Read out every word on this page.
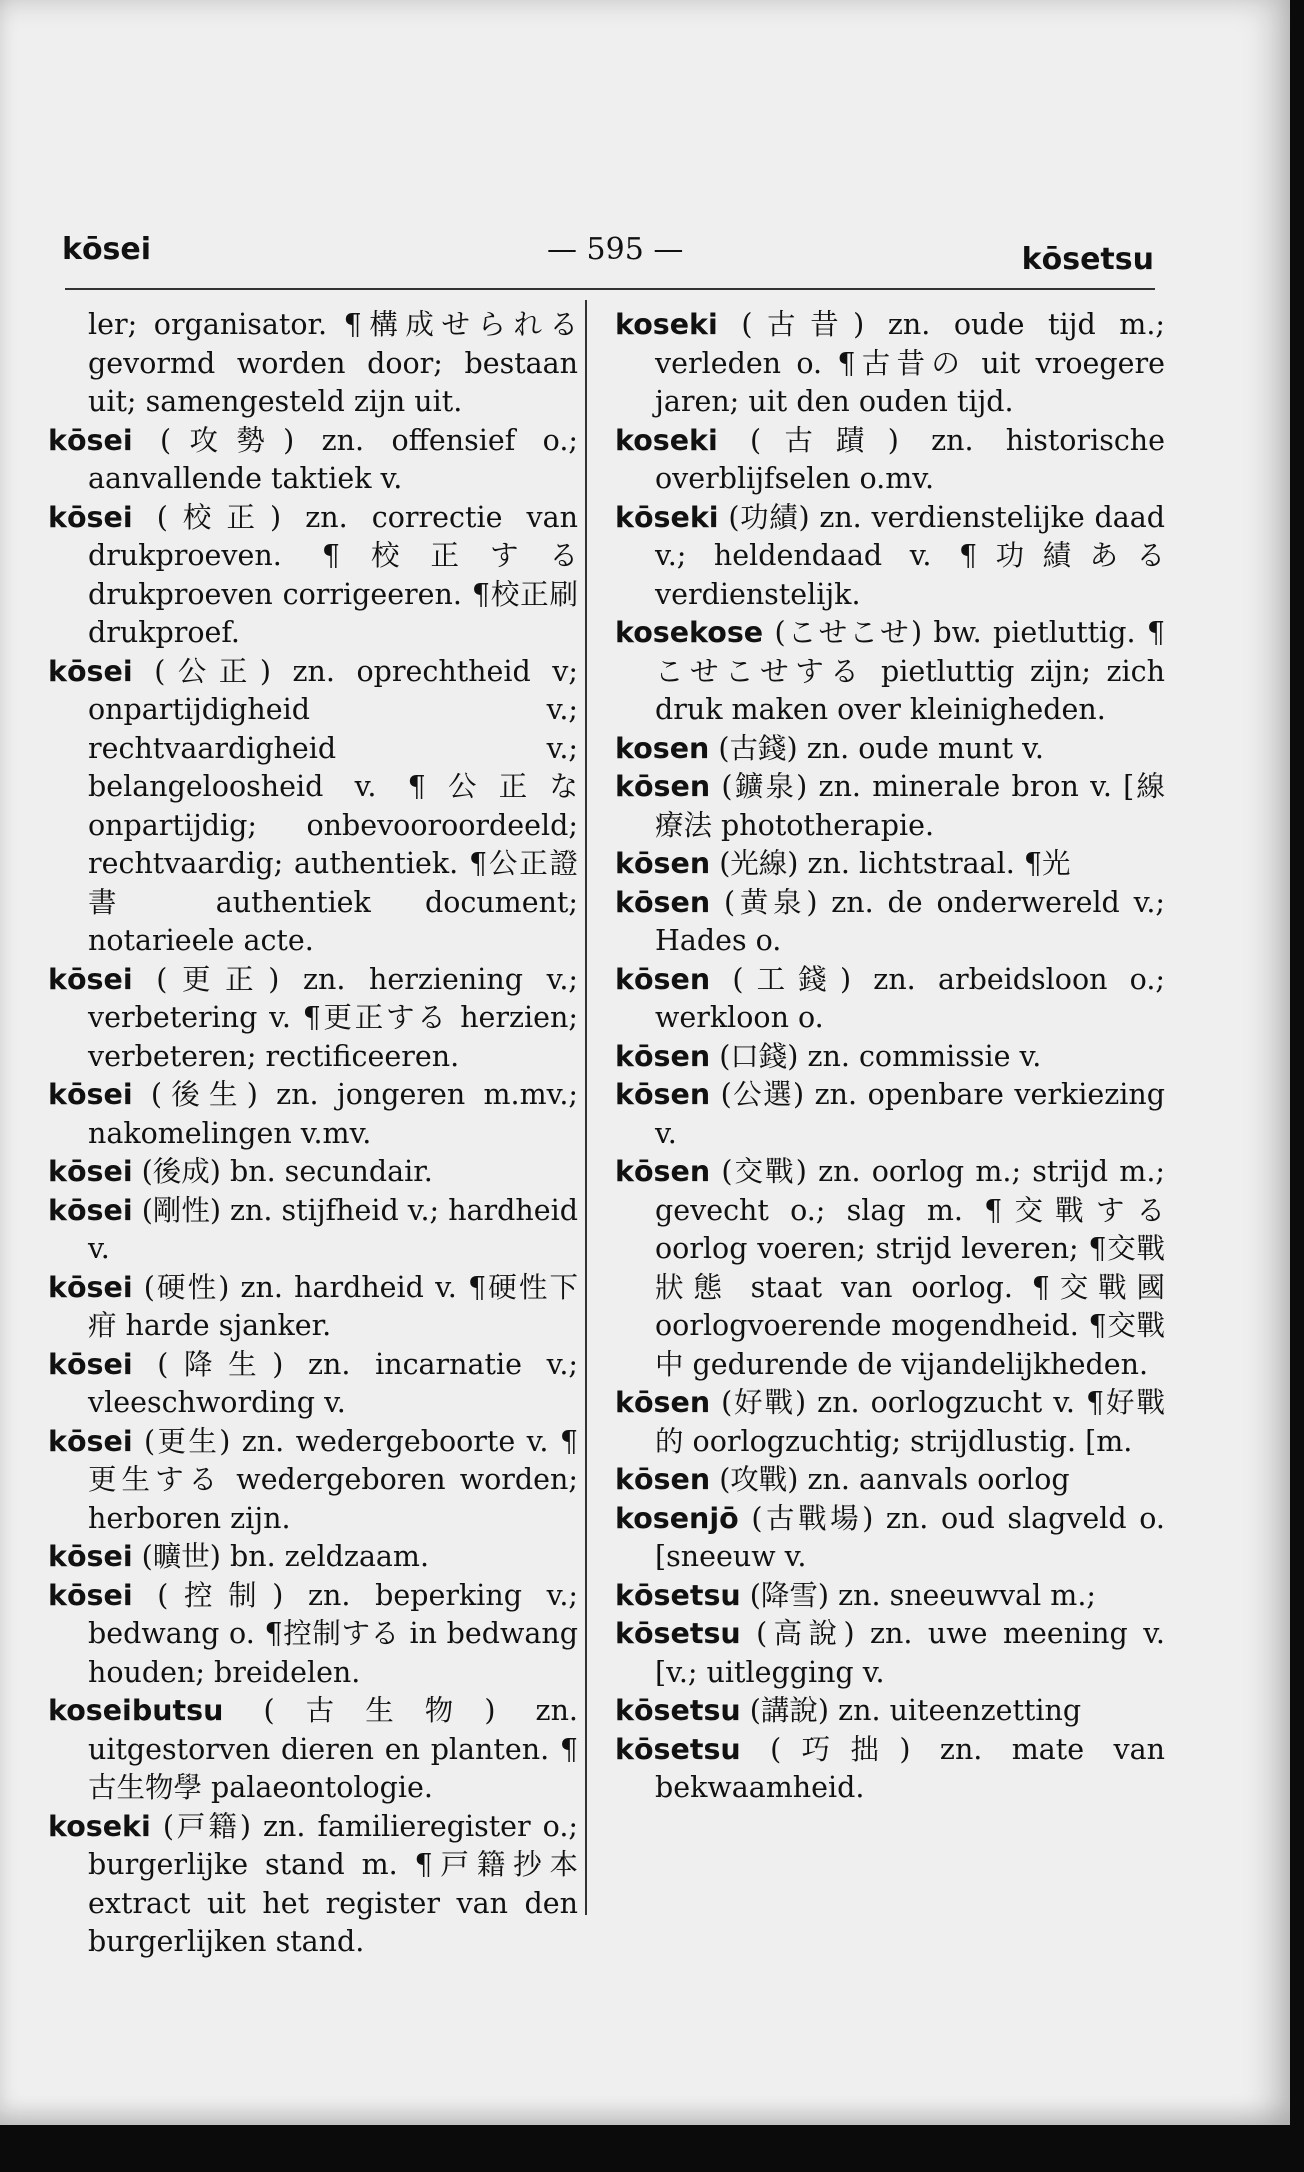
kōsei	— 595 —	kōsetsu

ler; organisator. ¶構成せられる gevormd worden door; bestaan uit; samengesteld zijn uit.

kōsei (攻勢) zn. offensief o.; aanvallende taktiek v.

kōsei (校正) zn. correctie van drukproeven. ¶校正する drukproeven corrigeeren. ¶校正刷 drukproef.

kōsei (公正) zn. oprechtheid v; onpartijdigheid v.; rechtvaardigheid v.; belangeloosheid v. ¶公正な onpartijdig; onbevooroordeeld; rechtvaardig; authentiek. ¶公正證書 authentiek document; notarieele acte.

kōsei (更正) zn. herziening v.; verbetering v. ¶更正する herzien; verbeteren; rectificeeren.

kōsei (後生) zn. jongeren m.mv.; nakomelingen v.mv.

kōsei (後成) bn. secundair.

kōsei (剛性) zn. stijfheid v.; hardheid v.

kōsei (硬性) zn. hardheid v. ¶硬性下疳 harde sjanker.

kōsei (降生) zn. incarnatie v.; vleeschwording v.

kōsei (更生) zn. wedergeboorte v. ¶更生する wedergeboren worden; herboren zijn.

kōsei (曠世) bn. zeldzaam.

kōsei (控制) zn. beperking v.; bedwang o. ¶控制する in bedwang houden; breidelen.

koseibutsu (古生物) zn. uitgestorven dieren en planten. ¶古生物學 palaeontologie.

koseki (戸籍) zn. familieregister o.; burgerlijke stand m. ¶戸籍抄本 extract uit het register van den burgerlijken stand.

koseki (古昔) zn. oude tijd m.; verleden o. ¶古昔の uit vroegere jaren; uit den ouden tijd.

koseki (古蹟) zn. historische overblijfselen o.mv.

kōseki (功績) zn. verdienstelijke daad v.; heldendaad v. ¶功績ある verdienstelijk.

kosekose (こせこせ) bw. pietluttig. ¶こせこせする pietluttig zijn; zich druk maken over kleinigheden.

kosen (古錢) zn. oude munt v.

kōsen (鑛泉) zn. minerale bron v. [線療法 phototherapie.

kōsen (光線) zn. lichtstraal. ¶光

kōsen (黄泉) zn. de onderwereld v.; Hades o.

kōsen (工錢) zn. arbeidsloon o.; werkloon o.

kōsen (口錢) zn. commissie v.

kōsen (公選) zn. openbare verkiezing v.

kōsen (交戰) zn. oorlog m.; strijd m.; gevecht o.; slag m. ¶交戰する oorlog voeren; strijd leveren; ¶交戰狀態 staat van oorlog. ¶交戰國 oorlogvoerende mogendheid. ¶交戰中 gedurende de vijandelijkheden.

kōsen (好戰) zn. oorlogzucht v. ¶好戰的 oorlogzuchtig; strijdlustig. [m.

kōsen (攻戰) zn. aanvals oorlog

kosenjō (古戰場) zn. oud slagveld o. [sneeuw v.

kōsetsu (降雪) zn. sneeuwval m.;

kōsetsu (高說) zn. uwe meening v. [v.; uitlegging v.

kōsetsu (講說) zn. uiteenzetting

kōsetsu (巧拙) zn. mate van bekwaamheid.
